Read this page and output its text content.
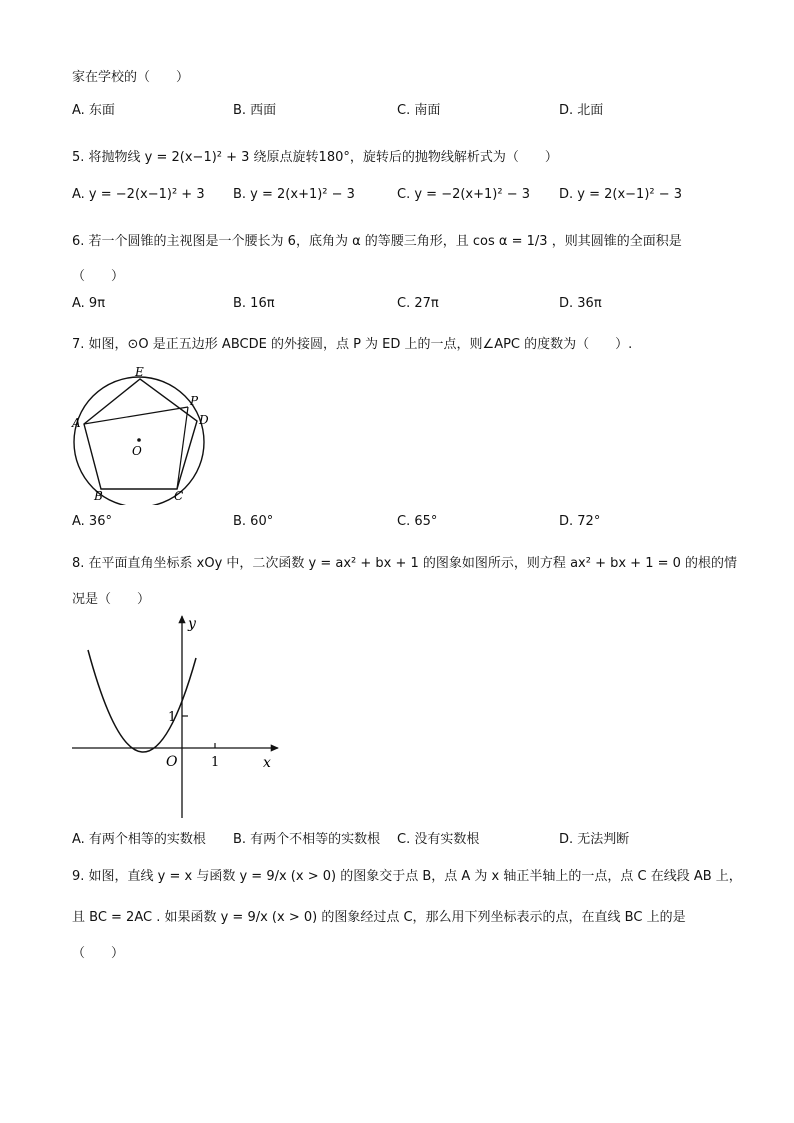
家在学校的（　　）
A. 东面	B. 西面	C. 南面	D. 北面
5. 将抛物线 y = 2(x−1)² + 3 绕原点旋转180°，旋转后的抛物线解析式为（　　）
A. y = −2(x−1)² + 3 B. y = 2(x+1)² − 3	C. y = −2(x+1)² − 3 D. y = 2(x−1)² − 3
6. 若一个圆锥的主视图是一个腰长为 6，底角为 α 的等腰三角形，且 cos α = 1/3 ，则其圆锥的全面积是
（　　）
A. 9π	B. 16π	C. 27π	D. 36π
7. 如图，⊙O 是正五边形 ABCDE 的外接圆，点 P 为 ED 上的一点，则∠APC 的度数为（　　）.
E
P
A	D
O
B	C
A. 36°	B. 60°	C. 65°	D. 72°
8. 在平面直角坐标系 xOy 中，二次函数 y = ax² + bx + 1 的图象如图所示，则方程 ax² + bx + 1 = 0 的根的情
况是（　　）
y
x
O	1
1
A. 有两个相等的实数根 B. 有两个不相等的实数根 C. 没有实数根	D. 无法判断
9. 如图，直线 y = x 与函数 y = 9/x (x > 0) 的图象交于点 B，点 A 为 x 轴正半轴上的一点，点 C 在线段 AB 上，
且 BC = 2AC . 如果函数 y = 9/x (x > 0) 的图象经过点 C，那么用下列坐标表示的点，在直线 BC 上的是
（　　）
